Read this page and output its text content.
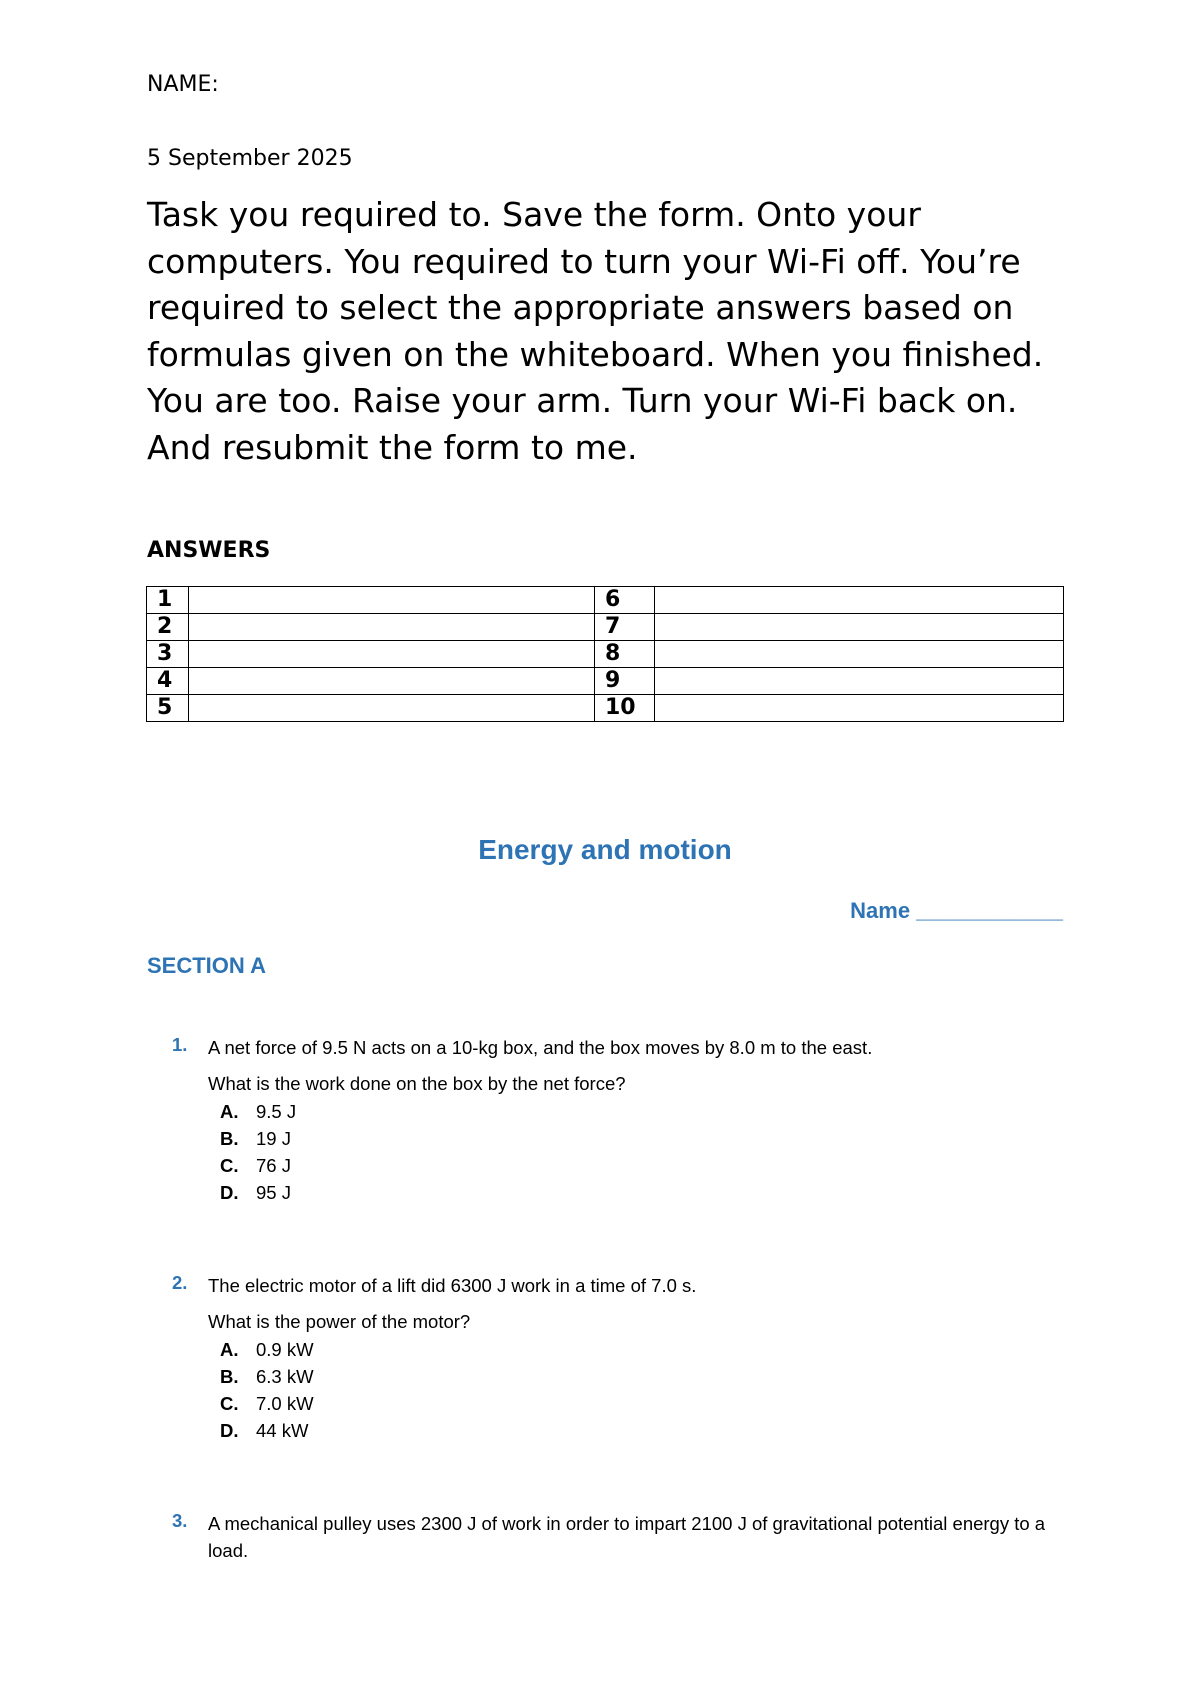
NAME:
5 September 2025

Task you required to. Save the form. Onto your computers. You required to turn your Wi-Fi off. You’re required to select the appropriate answers based on formulas given on the whiteboard. When you finished. You are too. Raise your arm. Turn your Wi-Fi back on. And resubmit the form to me.

ANSWERS
1		6	
2		7	
3		8	
4		9	
5		10	
Energy and motion
Name ____________
SECTION A
1. A net force of 9.5 N acts on a 10-kg box, and the box moves by 8.0 m to the east.
What is the work done on the box by the net force?
A. 9.5 J
B. 19 J
C. 76 J
D. 95 J
2. The electric motor of a lift did 6300 J work in a time of 7.0 s.
What is the power of the motor?
A. 0.9 kW
B. 6.3 kW
C. 7.0 kW
D. 44 kW
3. A mechanical pulley uses 2300 J of work in order to impart 2100 J of gravitational potential energy to a load.
